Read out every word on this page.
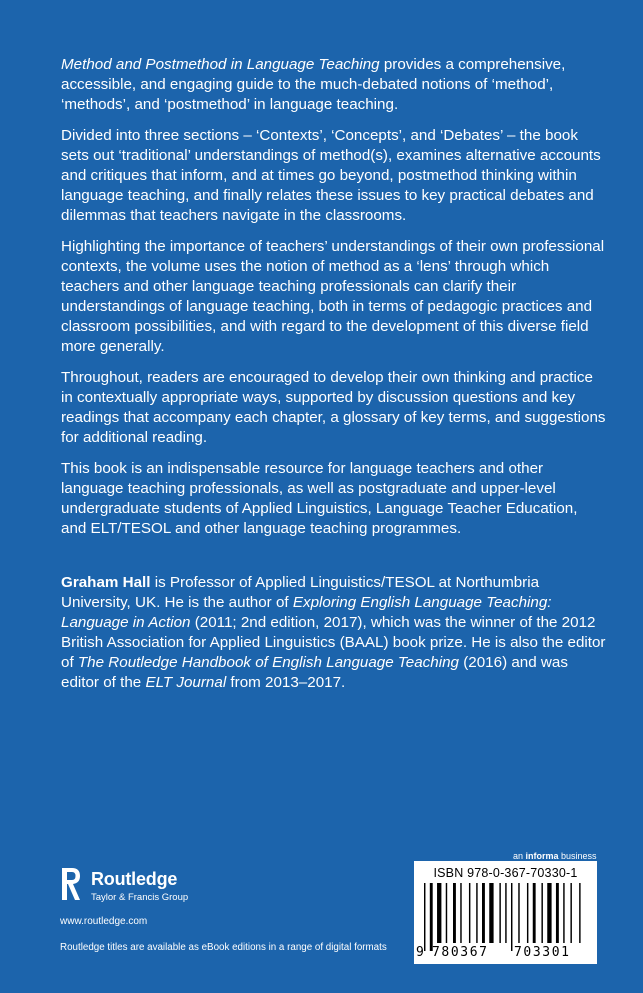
Method and Postmethod in Language Teaching provides a comprehensive, accessible, and engaging guide to the much-debated notions of ‘method’, ‘methods’, and ‘postmethod’ in language teaching.

Divided into three sections – ‘Contexts’, ‘Concepts’, and ‘Debates’ – the book sets out ‘traditional’ understandings of method(s), examines alternative accounts and critiques that inform, and at times go beyond, postmethod thinking within language teaching, and finally relates these issues to key practical debates and dilemmas that teachers navigate in the classrooms.

Highlighting the importance of teachers’ understandings of their own professional contexts, the volume uses the notion of method as a ‘lens’ through which teachers and other language teaching professionals can clarify their understandings of language teaching, both in terms of pedagogic practices and classroom possibilities, and with regard to the development of this diverse field more generally.

Throughout, readers are encouraged to develop their own thinking and practice in contextually appropriate ways, supported by discussion questions and key readings that accompany each chapter, a glossary of key terms, and suggestions for additional reading.

This book is an indispensable resource for language teachers and other language teaching professionals, as well as postgraduate and upper-level undergraduate students of Applied Linguistics, Language Teacher Education, and ELT/TESOL and other language teaching programmes.

Graham Hall is Professor of Applied Linguistics/TESOL at Northumbria University, UK. He is the author of Exploring English Language Teaching: Language in Action (2011; 2nd edition, 2017), which was the winner of the 2012 British Association for Applied Linguistics (BAAL) book prize. He is also the editor of The Routledge Handbook of English Language Teaching (2016) and was editor of the ELT Journal from 2013–2017.

Routledge
Taylor & Francis Group
www.routledge.com
Routledge titles are available as eBook editions in a range of digital formats
an informa business
ISBN 978-0-367-70330-1
9 780367 703301
